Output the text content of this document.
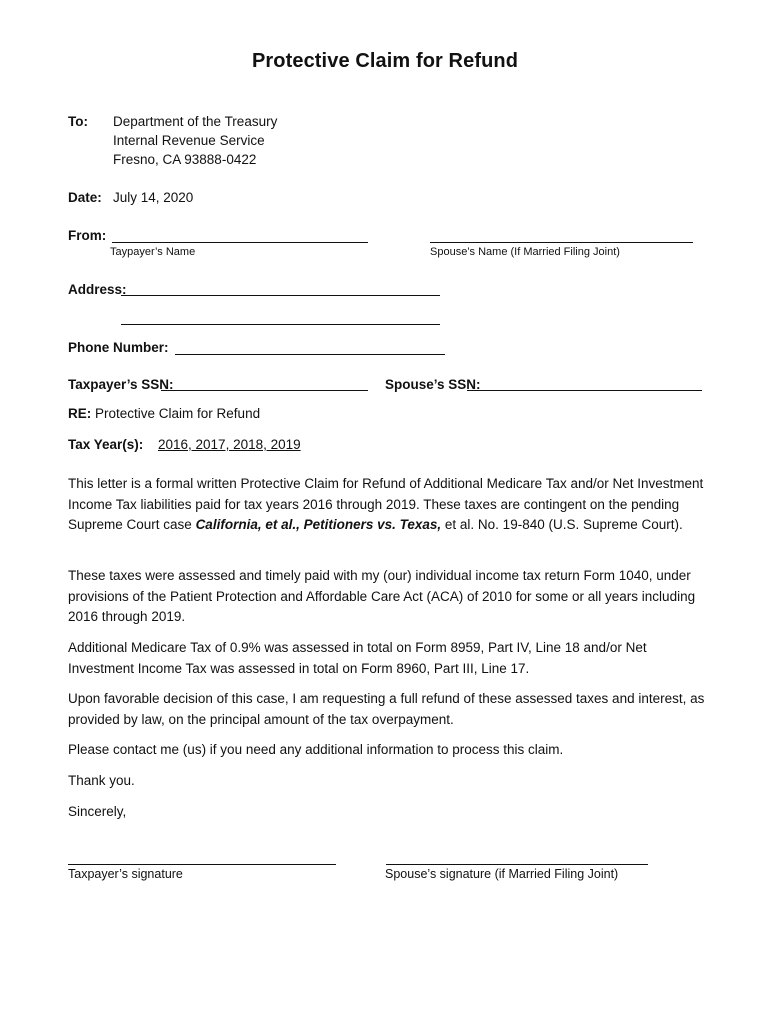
Protective Claim for Refund
To: Department of the Treasury
Internal Revenue Service
Fresno, CA 93888-0422
Date: July 14, 2020
From:
Taypayer’s Name	Spouse’s Name (If Married Filing Joint)
Address:
Phone Number:
Taxpayer’s SSN:	Spouse’s SSN:
RE: Protective Claim for Refund
Tax Year(s): 2016, 2017, 2018, 2019
This letter is a formal written Protective Claim for Refund of Additional Medicare Tax and/or Net Investment Income Tax liabilities paid for tax years 2016 through 2019. These taxes are contingent on the pending Supreme Court case California, et al., Petitioners vs. Texas, et al. No. 19-840 (U.S. Supreme Court).
These taxes were assessed and timely paid with my (our) individual income tax return Form 1040, under provisions of the Patient Protection and Affordable Care Act (ACA) of 2010 for some or all years including 2016 through 2019.
Additional Medicare Tax of 0.9% was assessed in total on Form 8959, Part IV, Line 18 and/or Net Investment Income Tax was assessed in total on Form 8960, Part III, Line 17.
Upon favorable decision of this case, I am requesting a full refund of these assessed taxes and interest, as provided by law, on the principal amount of the tax overpayment.
Please contact me (us) if you need any additional information to process this claim.
Thank you.
Sincerely,
Taxpayer’s signature	Spouse’s signature (if Married Filing Joint)
